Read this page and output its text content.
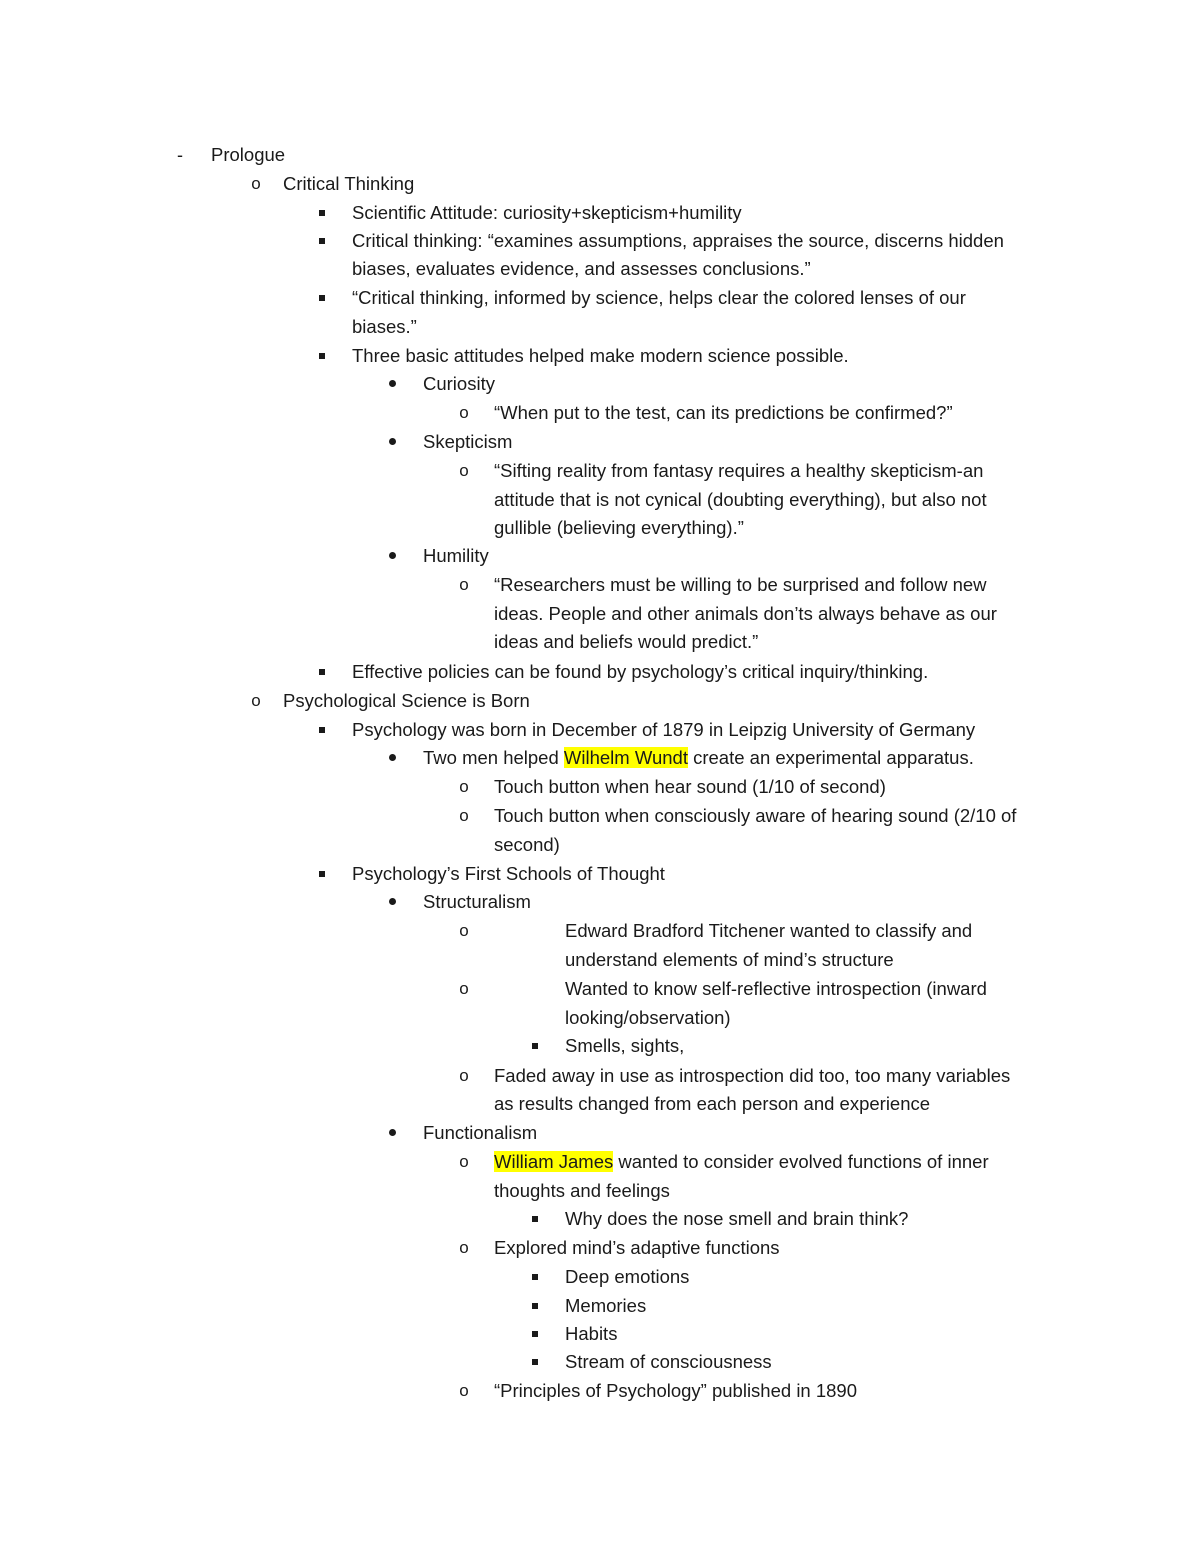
- Prologue
o Critical Thinking
Scientific Attitude: curiosity+skepticism+humility
Critical thinking: “examines assumptions, appraises the source, discerns hidden
biases, evaluates evidence, and assesses conclusions.”
“Critical thinking, informed by science, helps clear the colored lenses of our
biases.”
Three basic attitudes helped make modern science possible.
Curiosity
o “When put to the test, can its predictions be confirmed?”
Skepticism
o “Sifting reality from fantasy requires a healthy skepticism-an
attitude that is not cynical (doubting everything), but also not
gullible (believing everything).”
Humility
o “Researchers must be willing to be surprised and follow new
ideas. People and other animals don’ts always behave as our
ideas and beliefs would predict.”
Effective policies can be found by psychology’s critical inquiry/thinking.
o Psychological Science is Born
Psychology was born in December of 1879 in Leipzig University of Germany
Two men helped Wilhelm Wundt create an experimental apparatus.
o Touch button when hear sound (1/10 of second)
o Touch button when consciously aware of hearing sound (2/10 of
second)
Psychology’s First Schools of Thought
Structuralism
o	Edward Bradford Titchener wanted to classify and
understand elements of mind’s structure
o	Wanted to know self-reflective introspection (inward
looking/observation)
Smells, sights,
o Faded away in use as introspection did too, too many variables
as results changed from each person and experience
Functionalism
o William James wanted to consider evolved functions of inner
thoughts and feelings
Why does the nose smell and brain think?
o Explored mind’s adaptive functions
Deep emotions
Memories
Habits
Stream of consciousness
o “Principles of Psychology” published in 1890
